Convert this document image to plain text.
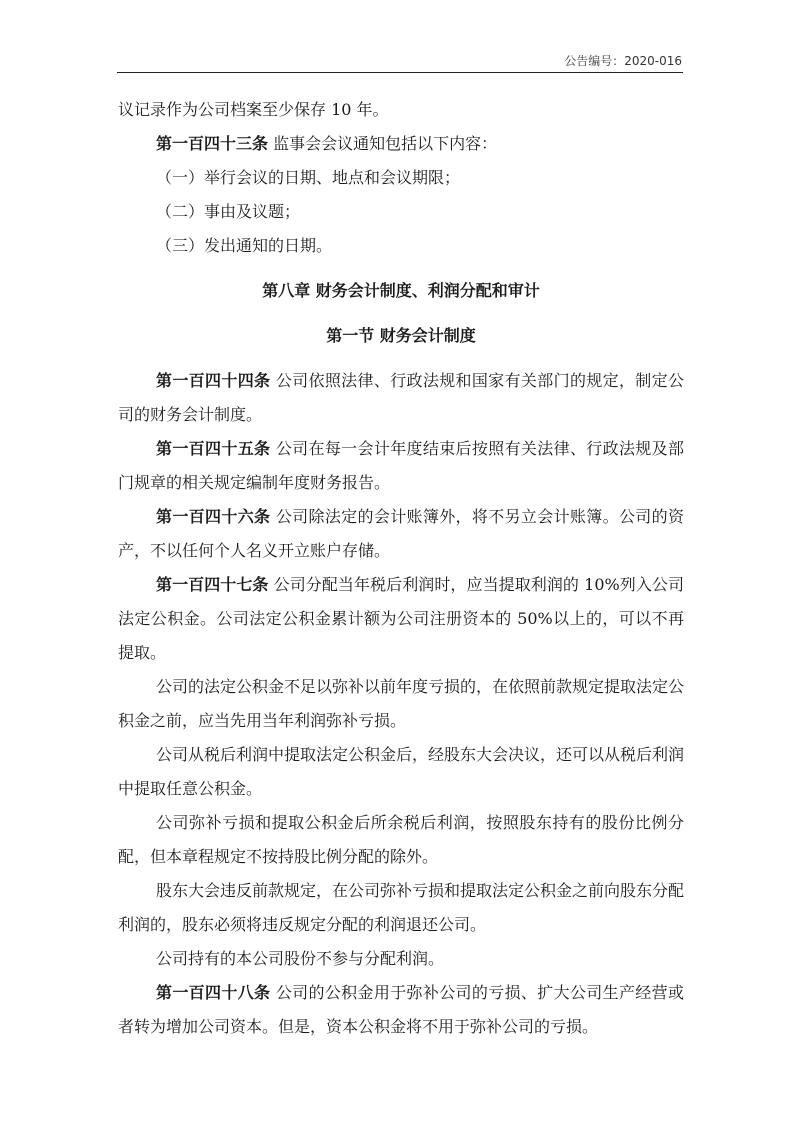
公告编号：2020-016

议记录作为公司档案至少保存 10 年。

第一百四十三条 监事会会议通知包括以下内容：

（一）举行会议的日期、地点和会议期限；

（二）事由及议题；

（三）发出通知的日期。

第八章 财务会计制度、利润分配和审计

第一节 财务会计制度

第一百四十四条 公司依照法律、行政法规和国家有关部门的规定，制定公司的财务会计制度。

第一百四十五条 公司在每一会计年度结束后按照有关法律、行政法规及部门规章的相关规定编制年度财务报告。

第一百四十六条 公司除法定的会计账簿外，将不另立会计账簿。公司的资产，不以任何个人名义开立账户存储。

第一百四十七条 公司分配当年税后利润时，应当提取利润的 10%列入公司法定公积金。公司法定公积金累计额为公司注册资本的 50%以上的，可以不再提取。

公司的法定公积金不足以弥补以前年度亏损的，在依照前款规定提取法定公积金之前，应当先用当年利润弥补亏损。

公司从税后利润中提取法定公积金后，经股东大会决议，还可以从税后利润中提取任意公积金。

公司弥补亏损和提取公积金后所余税后利润，按照股东持有的股份比例分配，但本章程规定不按持股比例分配的除外。

股东大会违反前款规定，在公司弥补亏损和提取法定公积金之前向股东分配利润的，股东必须将违反规定分配的利润退还公司。

公司持有的本公司股份不参与分配利润。

第一百四十八条 公司的公积金用于弥补公司的亏损、扩大公司生产经营或者转为增加公司资本。但是，资本公积金将不用于弥补公司的亏损。
